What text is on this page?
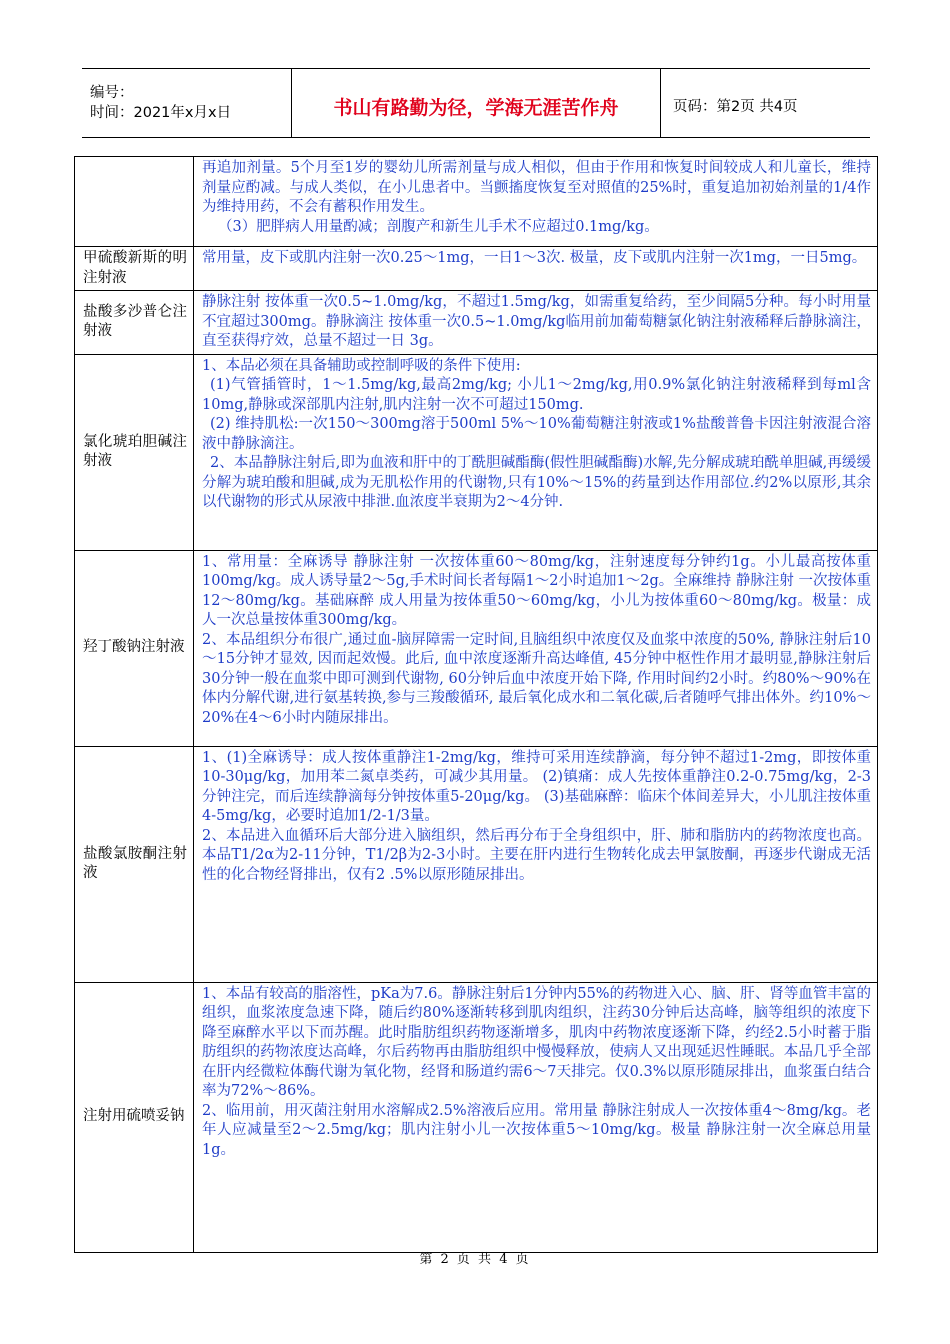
编号：
时间：2021年x月x日	书山有路勤为径，学海无涯苦作舟	页码：第2页 共4页

	再追加剂量。5个月至1岁的婴幼儿所需剂量与成人相似，但由于作用和恢复时间较成人和儿童长，维持剂量应酌减。与成人类似，在小儿患者中。当颤搐度恢复至对照值的25%时，重复追加初始剂量的1/4作为维持用药，不会有蓄积作用发生。

（3）肥胖病人用量酌减；剖腹产和新生儿手术不应超过0.1mg/kg。

甲硫酸新斯的明注射液	常用量，皮下或肌内注射一次0.25～1mg，一日1～3次. 极量，皮下或肌内注射一次1mg，一日5mg。

盐酸多沙普仑注射液	静脉注射 按体重一次0.5~1.0mg/kg，不超过1.5mg/kg，如需重复给药，至少间隔5分种。每小时用量不宜超过300mg。静脉滴注 按体重一次0.5~1.0mg/kg临用前加葡萄糖氯化钠注射液稀释后静脉滴注，直至获得疗效，总量不超过一日 3g。

氯化琥珀胆碱注射液	1、本品必须在具备辅助或控制呼吸的条件下使用:

(1)气管插管时，1～1.5mg/kg,最高2mg/kg; 小儿1～2mg/kg,用0.9%氯化钠注射液稀释到每ml含10mg,静脉或深部肌内注射,肌内注射一次不可超过150mg.

(2) 维持肌松:一次150～300mg溶于500ml 5%～10%葡萄糖注射液或1%盐酸普鲁卡因注射液混合溶液中静脉滴注。

2、本品静脉注射后,即为血液和肝中的丁酰胆碱酯酶(假性胆碱酯酶)水解,先分解成琥珀酰单胆碱,再缓缓分解为琥珀酸和胆碱,成为无肌松作用的代谢物,只有10%～15%的药量到达作用部位.约2%以原形,其余以代谢物的形式从尿液中排泄.血浓度半衰期为2～4分钟.

羟丁酸钠注射液	1、常用量：全麻诱导 静脉注射 一次按体重60～80mg/kg，注射速度每分钟约1g。小儿最高按体重100mg/kg。成人诱导量2～5g,手术时间长者每隔1～2小时追加1～2g。全麻维持 静脉注射 一次按体重12～80mg/kg。基础麻醉 成人用量为按体重50～60mg/kg，小儿为按体重60～80mg/kg。极量：成人一次总量按体重300mg/kg。

2、本品组织分布很广,通过血-脑屏障需一定时间,且脑组织中浓度仅及血浆中浓度的50%, 静脉注射后10～15分钟才显效, 因而起效慢。此后, 血中浓度逐渐升高达峰值, 45分钟中枢性作用才最明显,静脉注射后30分钟一般在血浆中即可测到代谢物, 60分钟后血中浓度开始下降, 作用时间约2小时。约80%～90%在体内分解代谢,进行氨基转换,参与三羧酸循环, 最后氧化成水和二氧化碳,后者随呼气排出体外。约10%～20%在4～6小时内随尿排出。

盐酸氯胺酮注射液	1、(1)全麻诱导：成人按体重静注1-2mg/kg，维持可采用连续静滴，每分钟不超过1-2mg，即按体重10-30μg/kg，加用苯二氮卓类药，可减少其用量。 (2)镇痛：成人先按体重静注0.2-0.75mg/kg，2-3分钟注完，而后连续静滴每分钟按体重5-20μg/kg。 (3)基础麻醉：临床个体间差异大，小儿肌注按体重4-5mg/kg，必要时追加1/2-1/3量。

2、本品进入血循环后大部分进入脑组织，然后再分布于全身组织中，肝、肺和脂肪内的药物浓度也高。本品T1/2α为2-11分钟，T1/2β为2-3小时。主要在肝内进行生物转化成去甲氯胺酮，再逐步代谢成无活性的化合物经肾排出，仅有2 .5%以原形随尿排出。

注射用硫喷妥钠	1、本品有较高的脂溶性，pKa为7.6。静脉注射后1分钟内55%的药物进入心、脑、肝、肾等血管丰富的组织，血浆浓度急速下降，随后约80%逐渐转移到肌肉组织，注药30分钟后达高峰，脑等组织的浓度下降至麻醉水平以下而苏醒。此时脂肪组织药物逐渐增多，肌肉中药物浓度逐渐下降，约经2.5小时蓄于脂肪组织的药物浓度达高峰，尔后药物再由脂肪组织中慢慢释放，使病人又出现延迟性睡眠。本品几乎全部在肝内经微粒体酶代谢为氧化物，经肾和肠道约需6～7天排完。仅0.3%以原形随尿排出，血浆蛋白结合率为72%～86%。

2、临用前，用灭菌注射用水溶解成2.5%溶液后应用。常用量 静脉注射成人一次按体重4～8mg/kg。老年人应减量至2～2.5mg/kg；肌内注射小儿一次按体重5～10mg/kg。极量 静脉注射一次全麻总用量1g。

第 2 页 共 4 页
